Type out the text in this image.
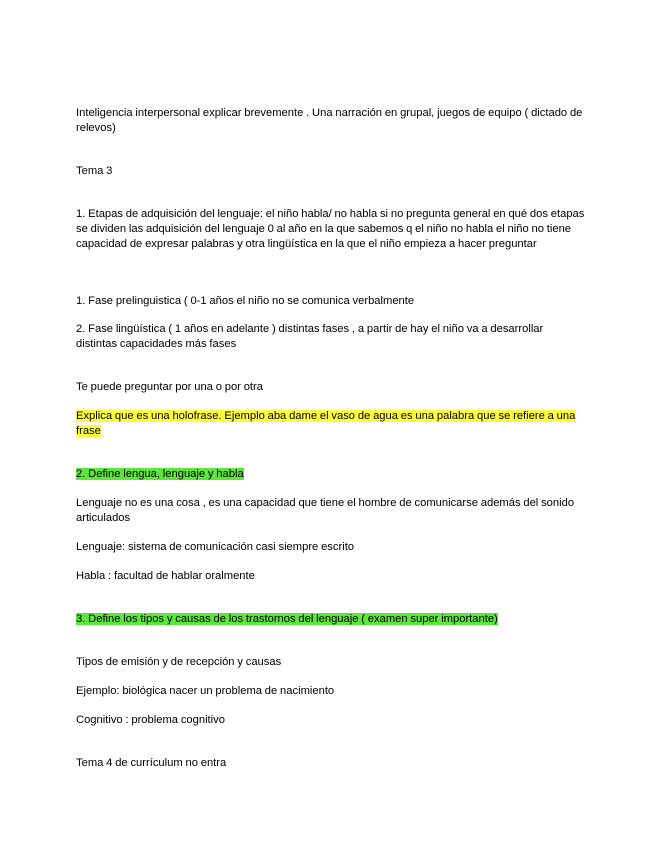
Inteligencia interpersonal explicar brevemente . Una narración en grupal, juegos de equipo ( dictado de relevos)

Tema 3

1. Etapas de adquisición del lenguaje: el niño habla/ no habla si no pregunta general en qué dos etapas se dividen las adquisición del lenguaje 0 al año en la que sabemos q el niño no habla el niño no tiene capacidad de expresar palabras y otra lingüística en la que el niño empieza a hacer preguntar

1. Fase prelinguistica ( 0-1 años el niño no se comunica verbalmente

2. Fase lingüística ( 1 años en adelante ) distintas fases , a partir de hay el niño va a desarrollar distintas capacidades más fases

Te puede preguntar por una o por otra

Explica que es una holofrase. Ejemplo aba dame el vaso de agua es una palabra que se refiere a una frase

2. Define lengua, lenguaje y habla

Lenguaje no es una cosa , es una capacidad que tiene el hombre de comunicarse además del sonido articulados

Lenguaje: sistema de comunicación casi siempre escrito

Habla : facultad de hablar oralmente

3. Define los tipos y causas de los trastornos del lenguaje ( examen super importante)

Tipos de emisión y de recepción y causas

Ejemplo: biológica nacer un problema de nacimiento

Cognitivo : problema cognitivo

Tema 4 de currículum no entra
